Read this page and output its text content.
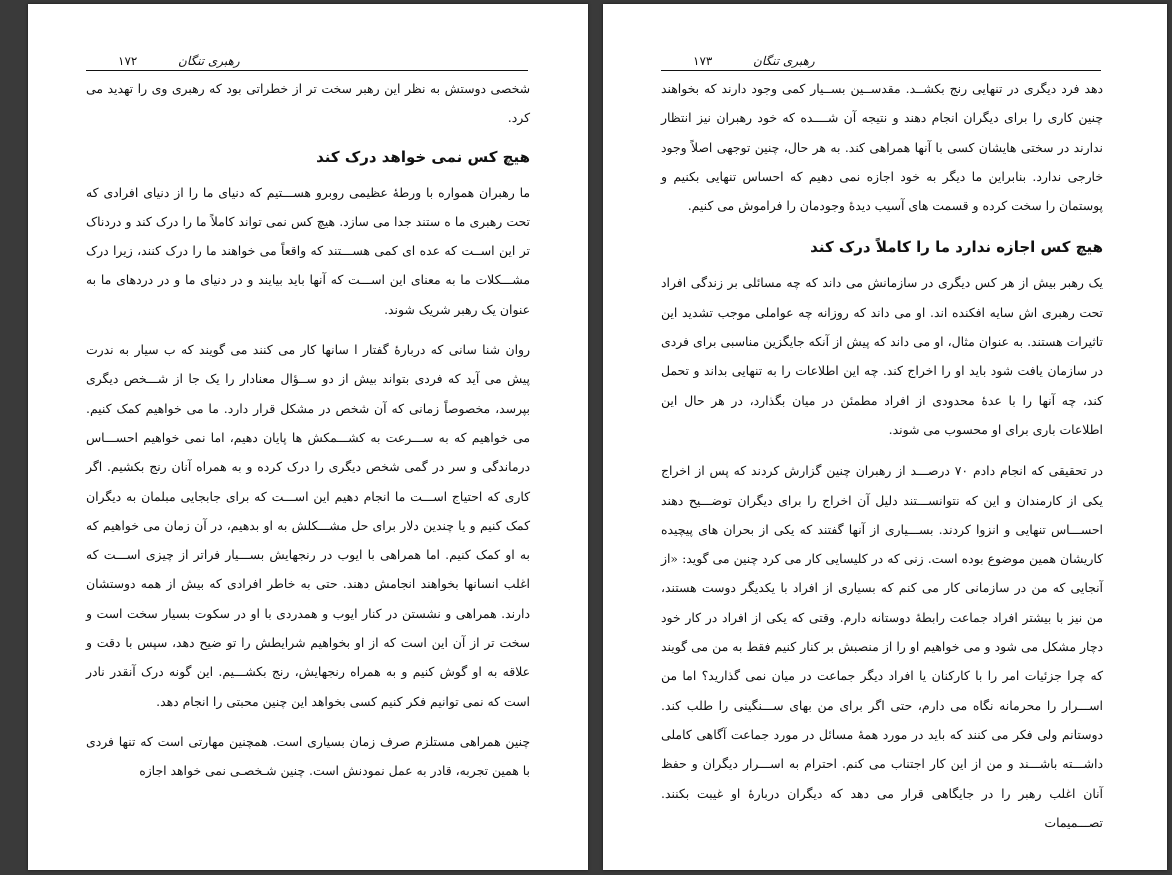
رهبری تنگان
۱۷۲

شخصی دوستش به نظر این رهبر سخت تر از خطراتی بود که رهبری وی را تهدید می کرد.

هیچ کس نمی خواهد درک کند

ما رهبران همواره با ورطهٔ عظیمی روبرو هســـتیم که دنیای ما را از دنیای افرادی که تحت رهبری ما ه ستند جدا می سازد. هیچ کس نمی تواند کاملاً ما را درک کند و دردناک تر این اســت که عده ای کمی هســـتند که واقعاً می خواهند ما را درک کنند، زیرا درک مشـــکلات ما به معنای این اســـت که آنها باید بیایند و در دنیای ما و در دردهای ما به عنوان یک رهبر شریک شوند.

روان شنا سانی که دربارهٔ گفتار ا سانها کار می کنند می گویند که ب سیار به ندرت پیش می آید که فردی بتواند بیش از دو ســؤال معنادار را یک جا از شـــخص دیگری بپرسد، مخصوصاً زمانی که آن شخص در مشکل قرار دارد. ما می خواهیم کمک کنیم. می خواهیم که به ســـرعت به کشـــمکش ها پایان دهیم، اما نمی خواهیم احســـاس درماندگی و سر در گمی شخص دیگری را درک کرده و به همراه آنان رنج بکشیم. اگر کاری که احتیاج اســـت ما انجام دهیم این اســـت که برای جابجایی مبلمان به دیگران کمک کنیم و یا چندین دلار برای حل مشـــکلش به او بدهیم، در آن زمان می خواهیم که به او کمک کنیم. اما همراهی با ایوب در رنجهایش بســـیار فراتر از چیزی اســـت که اغلب انسانها بخواهند انجامش دهند. حتی به خاطر افرادی که بیش از همه دوستشان دارند. همراهی و نشستن در کنار ایوب و همدردی با او در سکوت بسیار سخت است و سخت تر از آن این است که از او بخواهیم شرایطش را تو ضیح دهد، سپس با دقت و علاقه به او گوش کنیم و به همراه رنجهایش، رنج بکشـــیم. این گونه درک آنقدر نادر است که نمی توانیم فکر کنیم کسی بخواهد این چنین محبتی را انجام دهد.

چنین همراهی مستلزم صرف زمان بسیاری است. همچنین مهارتی است که تنها فردی با همین تجربه، قادر به عمل نمودنش است. چنین شـخصـی نمی خواهد اجازه

رهبری تنگان
۱۷۳

دهد فرد دیگری در تنهایی رنج بکشــد. مقدســین بســیار کمی وجود دارند که بخواهند چنین کاری را برای دیگران انجام دهند و نتیجه آن شــــده که خود رهبران نیز انتظار ندارند در سختی هایشان کسی با آنها همراهی کند. به هر حال، چنین توجهی اصلاً وجود خارجی ندارد. بنابراین ما دیگر به خود اجازه نمی دهیم که احساس تنهایی بکنیم و پوستمان را سخت کرده و قسمت های آسیب دیدهٔ وجودمان را فراموش می کنیم.

هیچ کس اجازه ندارد ما را کاملاً درک کند

یک رهبر بیش از هر کس دیگری در سازمانش می داند که چه مسائلی بر زندگی افراد تحت رهبری اش سایه افکنده اند. او می داند که روزانه چه عواملی موجب تشدید این تاثیرات هستند. به عنوان مثال، او می داند که پیش از آنکه جایگزین مناسبی برای فردی در سازمان یافت شود باید او را اخراج کند. چه این اطلاعات را به تنهایی بداند و تحمل کند، چه آنها را با عدهٔ محدودی از افراد مطمئن در میان بگذارد، در هر حال این اطلاعات باری برای او محسوب می شوند.

در تحقیقی که انجام دادم ۷۰ درصـــد از رهبران چنین گزارش کردند که پس از اخراج یکی از کارمندان و این که نتوانســـتند دلیل آن اخراج را برای دیگران توضـــیح دهند احســـاس تنهایی و انزوا کردند. بســـیاری از آنها گفتند که یکی از بحران های پیچیده کاریشان همین موضوع بوده است. زنی که در کلیسایی کار می کرد چنین می گوید: «از آنجایی که من در سازمانی کار می کنم که بسیاری از افراد با یکدیگر دوست هستند، من نیز با بیشتر افراد جماعت رابطهٔ دوستانه دارم. وقتی که یکی از افراد در کار خود دچار مشکل می شود و می خواهیم او را از منصبش بر کنار کنیم فقط به من می گویند که چرا جزئیات امر را با کارکنان یا افراد دیگر جماعت در میان نمی گذارید؟ اما من اســـرار را محرمانه نگاه می دارم، حتی اگر برای من بهای ســـنگینی را طلب کند. دوستانم ولی فکر می کنند که باید در مورد همهٔ مسائل در مورد جماعت آگاهی کاملی داشـــته باشـــند و من از این کار اجتناب می کنم. احترام به اســـرار دیگران و حفظ آنان اغلب رهبر را در جایگاهی قرار می دهد که دیگران دربارهٔ او غیبت بکنند. تصـــمیمات
